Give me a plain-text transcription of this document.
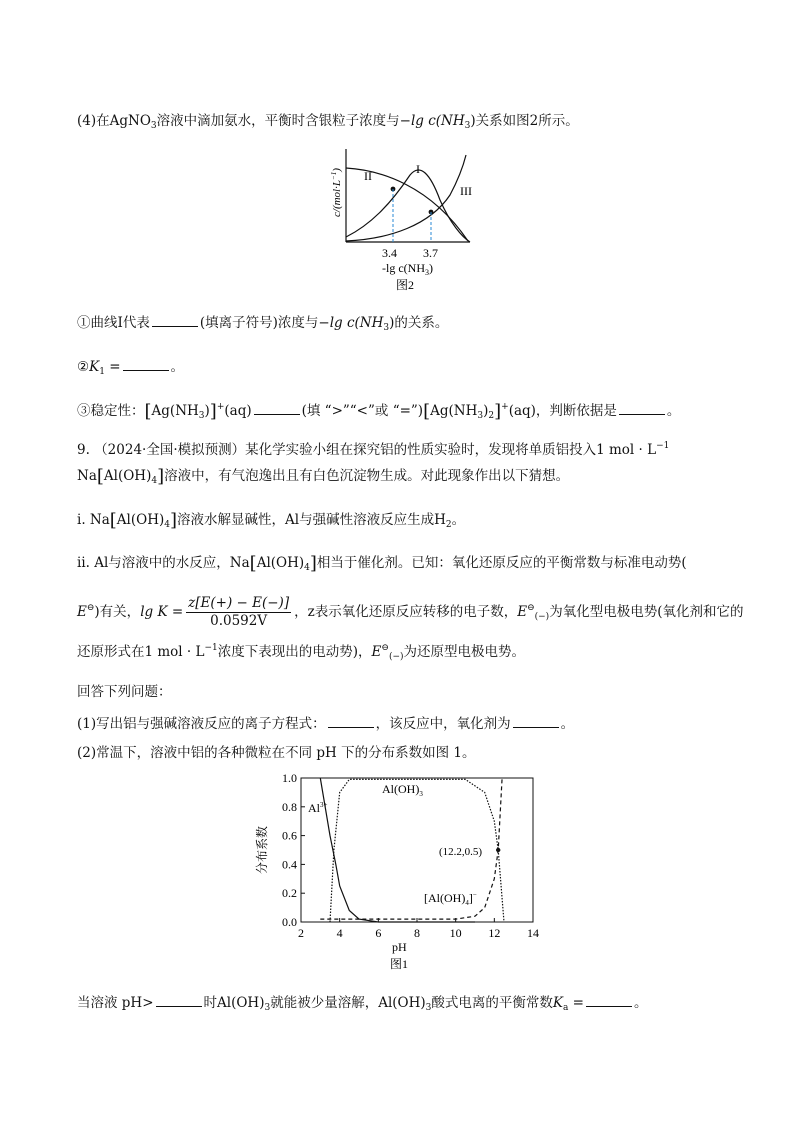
(4)在AgNO$_3$溶液中滴加氨水，平衡时含银粒子浓度与−lg $c(NH_3)$关系如图2所示。
II	I
III
3.4 3.7
-lg $c(NH_3)$
图2
$c/(mol\cdot L^{-1})$
①曲线Ⅰ代表	(填离子符号)浓度与−lg $c(NH_3)$的关系。
$②K_1$ =	。
③稳定性：$[Ag(NH_3)]^+(aq)$	(填 “>”“<”或 “$=”)[Ag(NH_3)_2]^+(aq)$，判断依据是	。
9. （2024·全国·模拟预测）某化学实验小组在探究铝的性质实验时，发现将单质铝投入1 mol · $L^{-1}$
$Na[Al(OH)_4]$溶液中，有气泡逸出且有白色沉淀物生成。对此现象作出以下猜想。
ⅰ. $Na[Al(OH)_4]$溶液水解显碱性，Al与强碱性溶液反应生成$H_2$。
ⅱ. Al与溶液中的水反应，$Na[Al(OH)_4]$相当于催化剂。已知：氧化还原反应的平衡常数与标准电动势(
E⊖)有关，$\lg K = \frac{z[E(+) - E(-)]}{0.0592V}$ ，z表示氧化还原反应转移的电子数，$E^⊖_{(-)}$为氧化型电极电势(氧化剂和它的
还原形式在1 mol · $L^{-1}$浓度下表现出的电动势)，$E^⊖_{(-)}$为还原型电极电势。
回答下列问题：
(1)写出铝与强碱溶液反应的离子方程式：	，该反应中，氧化剂为	。
(2)常温下，溶液中铝的各种微粒在不同 pH 下的分布系数如图 1。
0.0
0.2
0.4
0.6
0.8
1.0
2	4	6	8 10 12 14
$Al^{3+}$
$Al(OH)_3$
$[Al(OH)_4]^-$
(12.2,0.5)
分布系数
pH
图1
当溶液 pH>	时$Al(OH)_3$就能被少量溶解，$Al(OH)_3$酸式电离的平衡常数$K_a$ =	。
